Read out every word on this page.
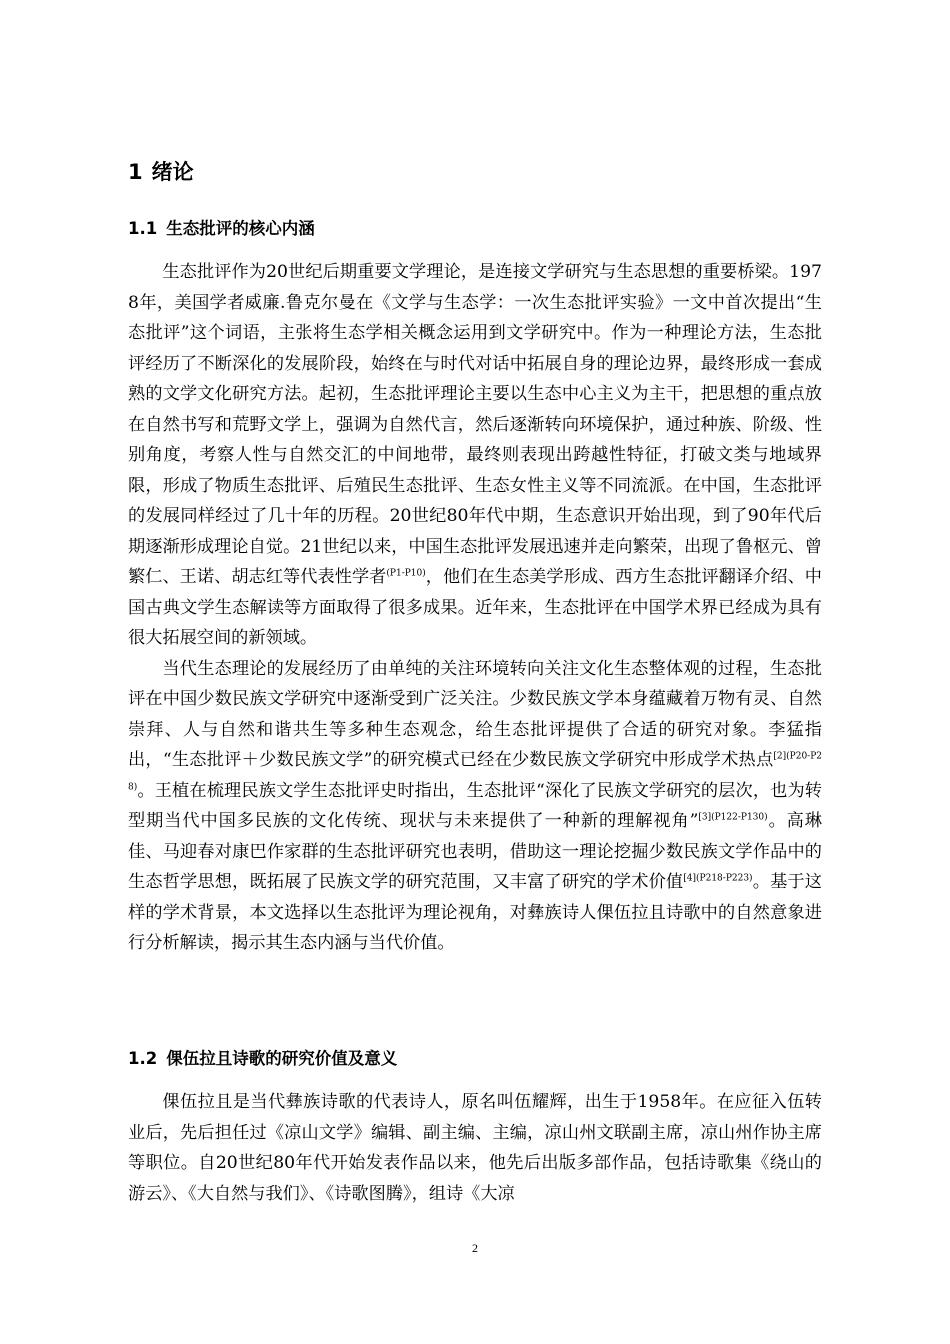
1 绪论
1.1 生态批评的核心内涵

生态批评作为20世纪后期重要文学理论，是连接文学研究与生态思想的重要桥梁。1978年，美国学者威廉.鲁克尔曼在《文学与生态学：一次生态批评实验》一文中首次提出“生态批评”这个词语，主张将生态学相关概念运用到文学研究中。作为一种理论方法，生态批评经历了不断深化的发展阶段，始终在与时代对话中拓展自身的理论边界，最终形成一套成熟的文学文化研究方法。起初，生态批评理论主要以生态中心主义为主干，把思想的重点放在自然书写和荒野文学上，强调为自然代言，然后逐渐转向环境保护，通过种族、阶级、性别角度，考察人性与自然交汇的中间地带，最终则表现出跨越性特征，打破文类与地域界限，形成了物质生态批评、后殖民生态批评、生态女性主义等不同流派。在中国，生态批评的发展同样经过了几十年的历程。20世纪80年代中期，生态意识开始出现，到了90年代后期逐渐形成理论自觉。21世纪以来，中国生态批评发展迅速并走向繁荣，出现了鲁枢元、曾繁仁、王诺、胡志红等代表性学者$^{(P1-P10)}$，他们在生态美学形成、西方生态批评翻译介绍、中国古典文学生态解读等方面取得了很多成果。近年来，生态批评在中国学术界已经成为具有很大拓展空间的新领域。

当代生态理论的发展经历了由单纯的关注环境转向关注文化生态整体观的过程，生态批评在中国少数民族文学研究中逐渐受到广泛关注。少数民族文学本身蕴藏着万物有灵、自然崇拜、人与自然和谐共生等多种生态观念，给生态批评提供了合适的研究对象。李猛指出，“生态批评＋少数民族文学”的研究模式已经在少数民族文学研究中形成学术热点$^{[2](P20-P28)}$。王植在梳理民族文学生态批评史时指出，生态批评“深化了民族文学研究的层次，也为转型期当代中国多民族的文化传统、现状与未来提供了一种新的理解视角”$^{[3](P122-P130)}$。高琳佳、马迎春对康巴作家群的生态批评研究也表明，借助这一理论挖掘少数民族文学作品中的生态哲学思想，既拓展了民族文学的研究范围，又丰富了研究的学术价值$^{[4](P218-P223)}$。基于这样的学术背景，本文选择以生态批评为理论视角，对彝族诗人倮伍拉且诗歌中的自然意象进行分析解读，揭示其生态内涵与当代价值。

1.2 倮伍拉且诗歌的研究价值及意义

倮伍拉且是当代彝族诗歌的代表诗人，原名叫伍耀辉，出生于1958年。在应征入伍转业后，先后担任过《凉山文学》编辑、副主编、主编，凉山州文联副主席，凉山州作协主席等职位。自20世纪80年代开始发表作品以来，他先后出版多部作品，包括诗歌集《绕山的游云》、《大自然与我们》、《诗歌图腾》，组诗《大凉

2
